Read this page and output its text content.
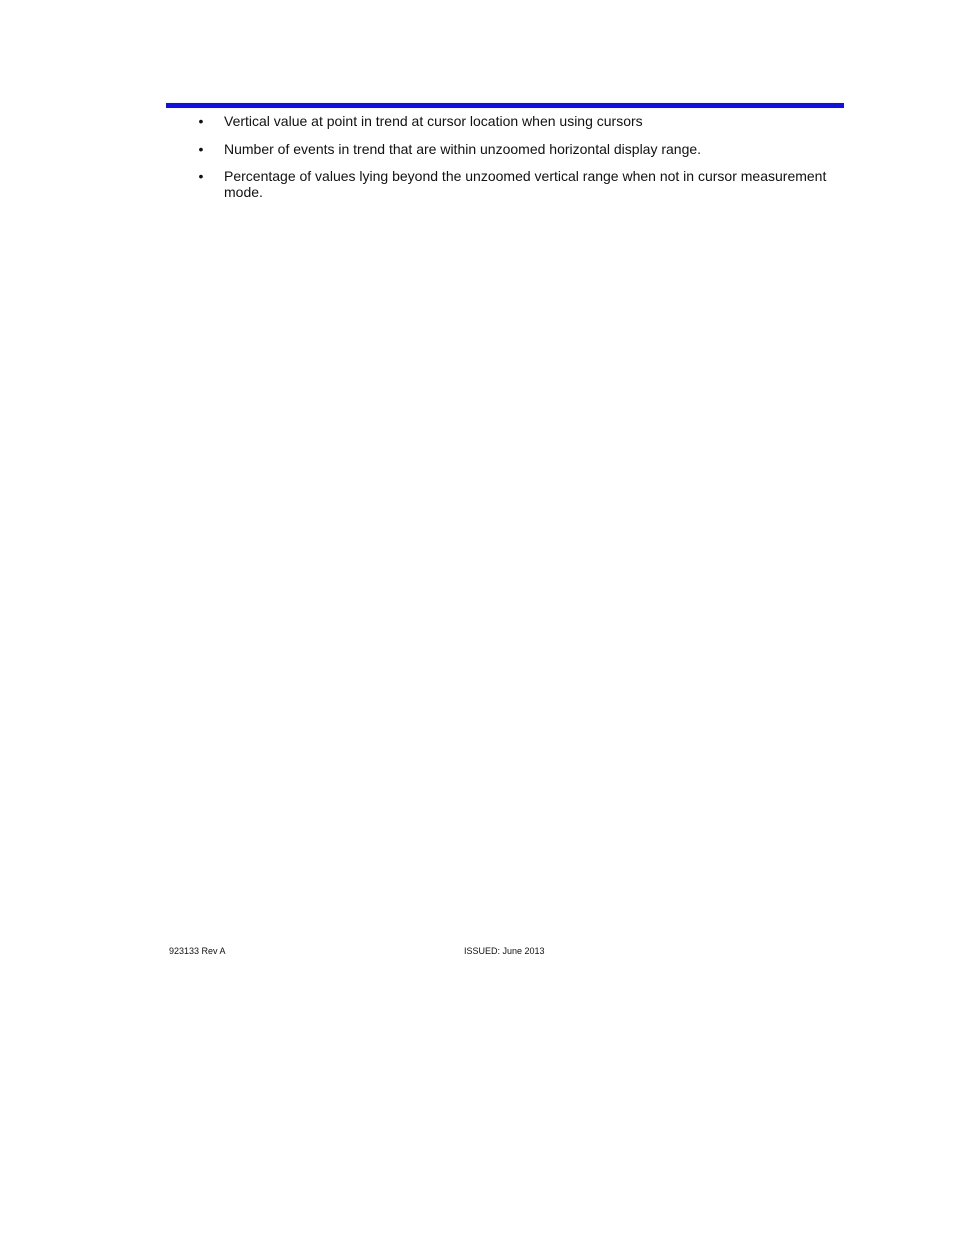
• Vertical value at point in trend at cursor location when using cursors
• Number of events in trend that are within unzoomed horizontal display range.
• Percentage of values lying beyond the unzoomed vertical range when not in cursor measurement mode.
923133 Rev A	ISSUED: June 2013
